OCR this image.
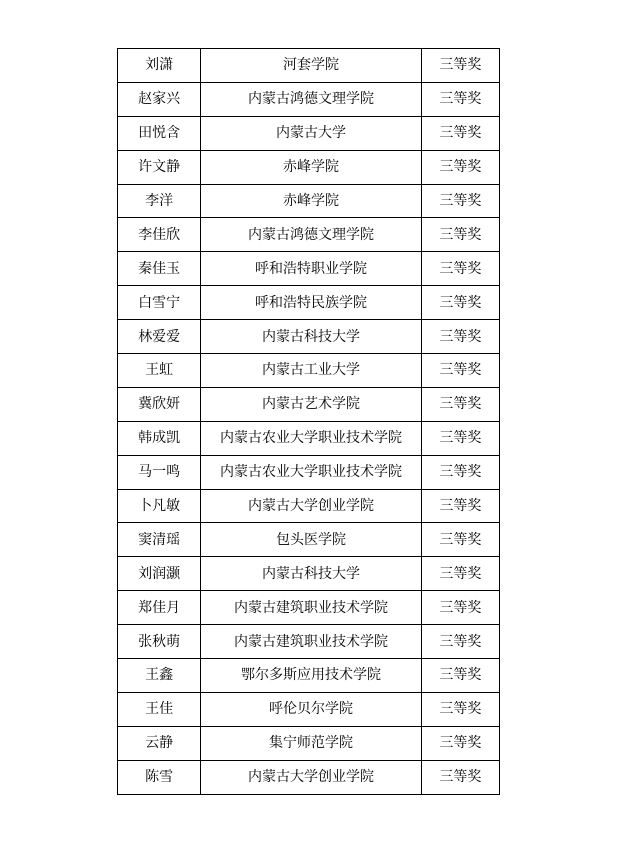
刘潇	河套学院	三等奖
赵家兴	内蒙古鸿德文理学院	三等奖
田悦含	内蒙古大学	三等奖
许文静	赤峰学院	三等奖
李洋	赤峰学院	三等奖
李佳欣	内蒙古鸿德文理学院	三等奖
秦佳玉	呼和浩特职业学院	三等奖
白雪宁	呼和浩特民族学院	三等奖
林爱爱	内蒙古科技大学	三等奖
王虹	内蒙古工业大学	三等奖
冀欣妍	内蒙古艺术学院	三等奖
韩成凯	内蒙古农业大学职业技术学院	三等奖
马一鸣	内蒙古农业大学职业技术学院	三等奖
卜凡敏	内蒙古大学创业学院	三等奖
窦清瑶	包头医学院	三等奖
刘润灏	内蒙古科技大学	三等奖
郑佳月	内蒙古建筑职业技术学院	三等奖
张秋萌	内蒙古建筑职业技术学院	三等奖
王鑫	鄂尔多斯应用技术学院	三等奖
王佳	呼伦贝尔学院	三等奖
云静	集宁师范学院	三等奖
陈雪	内蒙古大学创业学院	三等奖
